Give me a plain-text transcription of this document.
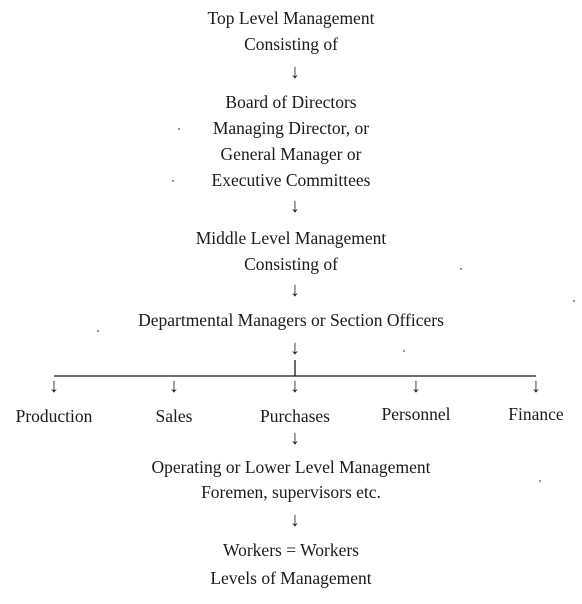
Top Level Management
Consisting of
↓
Board of Directors
Managing Director, or
General Manager or
Executive Committees
↓
Middle Level Management
Consisting of
↓
Departmental Managers or Section Officers
↓
↓	↓	↓	↓	↓
Production	Sales	Purchases	Personnel	Finance
↓
Operating or Lower Level Management
Foremen, supervisors etc.
↓
Workers = Workers
Levels of Management
